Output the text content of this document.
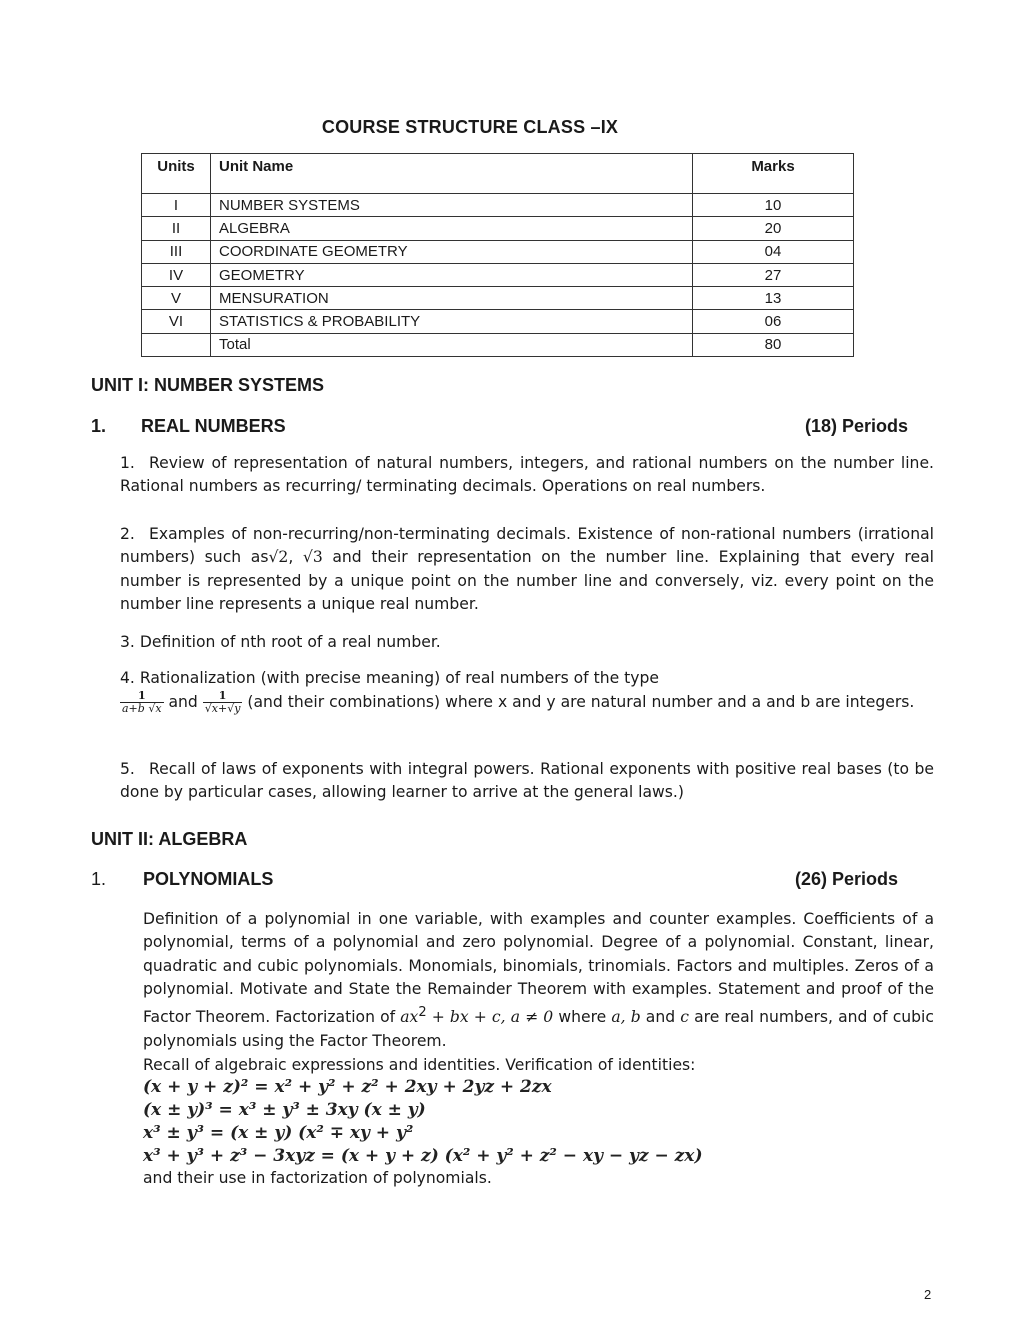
COURSE STRUCTURE CLASS –IX
Units	Unit Name	Marks
I	NUMBER SYSTEMS	10
II	ALGEBRA	20
III	COORDINATE GEOMETRY	04
IV	GEOMETRY	27
V	MENSURATION	13
VI	STATISTICS & PROBABILITY	06
	Total	80
UNIT I: NUMBER SYSTEMS
1. REAL NUMBERS	(18) Periods
1. Review of representation of natural numbers, integers, and rational numbers on the number line. Rational numbers as recurring/ terminating decimals. Operations on real numbers.
2. Examples of non-recurring/non-terminating decimals. Existence of non-rational numbers (irrational numbers) such as√2, √3 and their representation on the number line. Explaining that every real number is represented by a unique point on the number line and conversely, viz. every point on the number line represents a unique real number.
3. Definition of nth root of a real number.
4. Rationalization (with precise meaning) of real numbers of the type

$\frac{1}{a+b √x}$ and $\frac{1}{√x+√y} (and$ their combinations) where x and y are natural number and a and b are integers.
5. Recall of laws of exponents with integral powers. Rational exponents with positive real bases (to be done by particular cases, allowing learner to arrive at the general laws.)
UNIT II: ALGEBRA
1. POLYNOMIALS	(26) Periods
Definition of a polynomial in one variable, with examples and counter examples. Coefficients of a polynomial, terms of a polynomial and zero polynomial. Degree of a polynomial. Constant, linear, quadratic and cubic polynomials. Monomials, binomials, trinomials. Factors and multiples. Zeros of a polynomial. Motivate and State the Remainder Theorem with examples. Statement and proof of the Factor Theorem. Factorization of $ax^2$ + bx + c, a ≠ 0 where a, b and c are real numbers, and of cubic polynomials using the Factor Theorem.
Recall of algebraic expressions and identities. Verification of identities:
(x + y + z)² = x² + y² + z² + 2xy + 2yz + 2zx
(x ± y)³ = x³ ± y³ ± 3xy (x ± y)
x³ ± y³ = (x ± y) (x² ∓ xy + y²
x³ + y³ + z³ − 3xyz = (x + y + z) (x² + y² + z² − xy − yz − zx)
and their use in factorization of polynomials.
2
